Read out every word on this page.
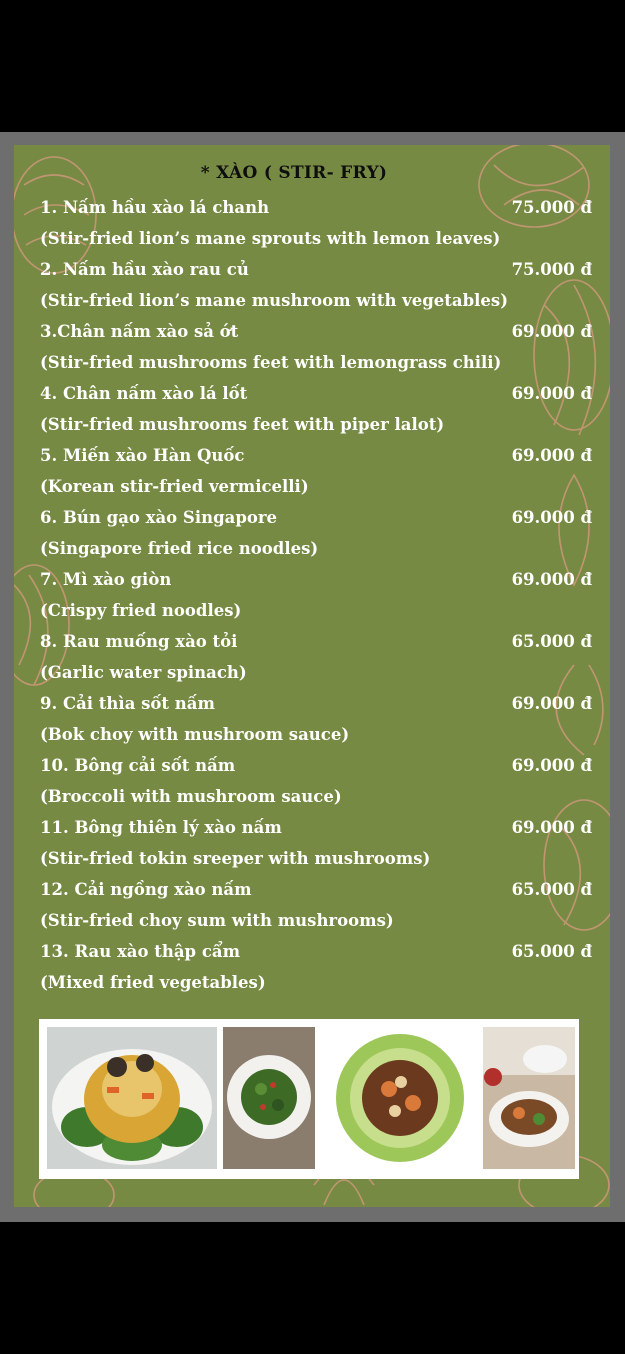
* XÀO ( STIR- FRY)
1. Nấm hầu xào lá chanh	75.000 đ
(Stir-fried lion’s mane sprouts with lemon leaves)
2. Nấm hầu xào rau củ	75.000 đ
(Stir-fried lion’s mane mushroom with vegetables)
3.Chân nấm xào sả ớt	69.000 đ
(Stir-fried mushrooms feet with lemongrass chili)
4. Chân nấm xào lá lốt	69.000 đ
(Stir-fried mushrooms feet with piper lalot)
5. Miến xào Hàn Quốc	69.000 đ
(Korean stir-fried vermicelli)
6. Bún gạo xào Singapore	69.000 đ
(Singapore fried rice noodles)
7. Mì xào giòn	69.000 đ
(Crispy fried noodles)
8. Rau muống xào tỏi	65.000 đ
(Garlic water spinach)
9. Cải thìa sốt nấm	69.000 đ
(Bok choy with mushroom sauce)
10. Bông cải sốt nấm	69.000 đ
(Broccoli with mushroom sauce)
11. Bông thiên lý xào nấm	69.000 đ
(Stir-fried tokin sreeper with mushrooms)
12. Cải ngồng xào nấm	65.000 đ
(Stir-fried choy sum with mushrooms)
13. Rau xào thập cẩm	65.000 đ
(Mixed fried vegetables)
